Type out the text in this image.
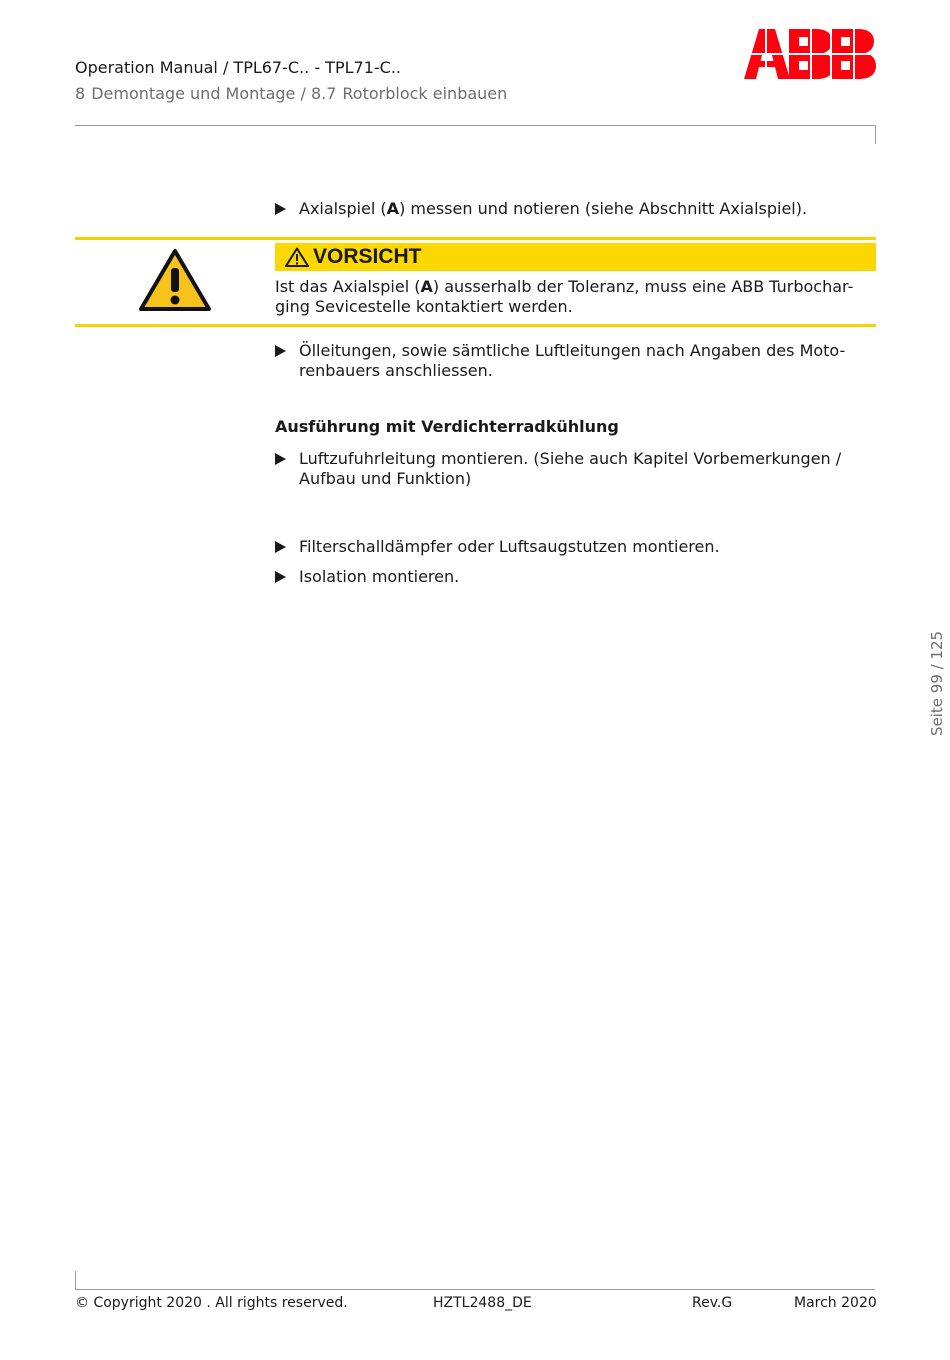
Operation Manual / TPL67-C.. - TPL71-C..
8 Demontage und Montage / 8.7 Rotorblock einbauen
Axialspiel (A) messen und notieren (siehe Abschnitt Axialspiel).
VORSICHT
Ist das Axialspiel (A) ausserhalb der Toleranz, muss eine ABB Turbochar-
ging Sevicestelle kontaktiert werden.
Ölleitungen, sowie sämtliche Luftleitungen nach Angaben des Moto-
renbauers anschliessen.
Ausführung mit Verdichterradkühlung
Luftzufuhrleitung montieren. (Siehe auch Kapitel Vorbemerkungen /
Aufbau und Funktion)
Filterschalldämpfer oder Luftsaugstutzen montieren.
Isolation montieren.
Seite 99 / 125
© Copyright 2020 . All rights reserved.	HZTL2488_DE	Rev.G	March 2020
